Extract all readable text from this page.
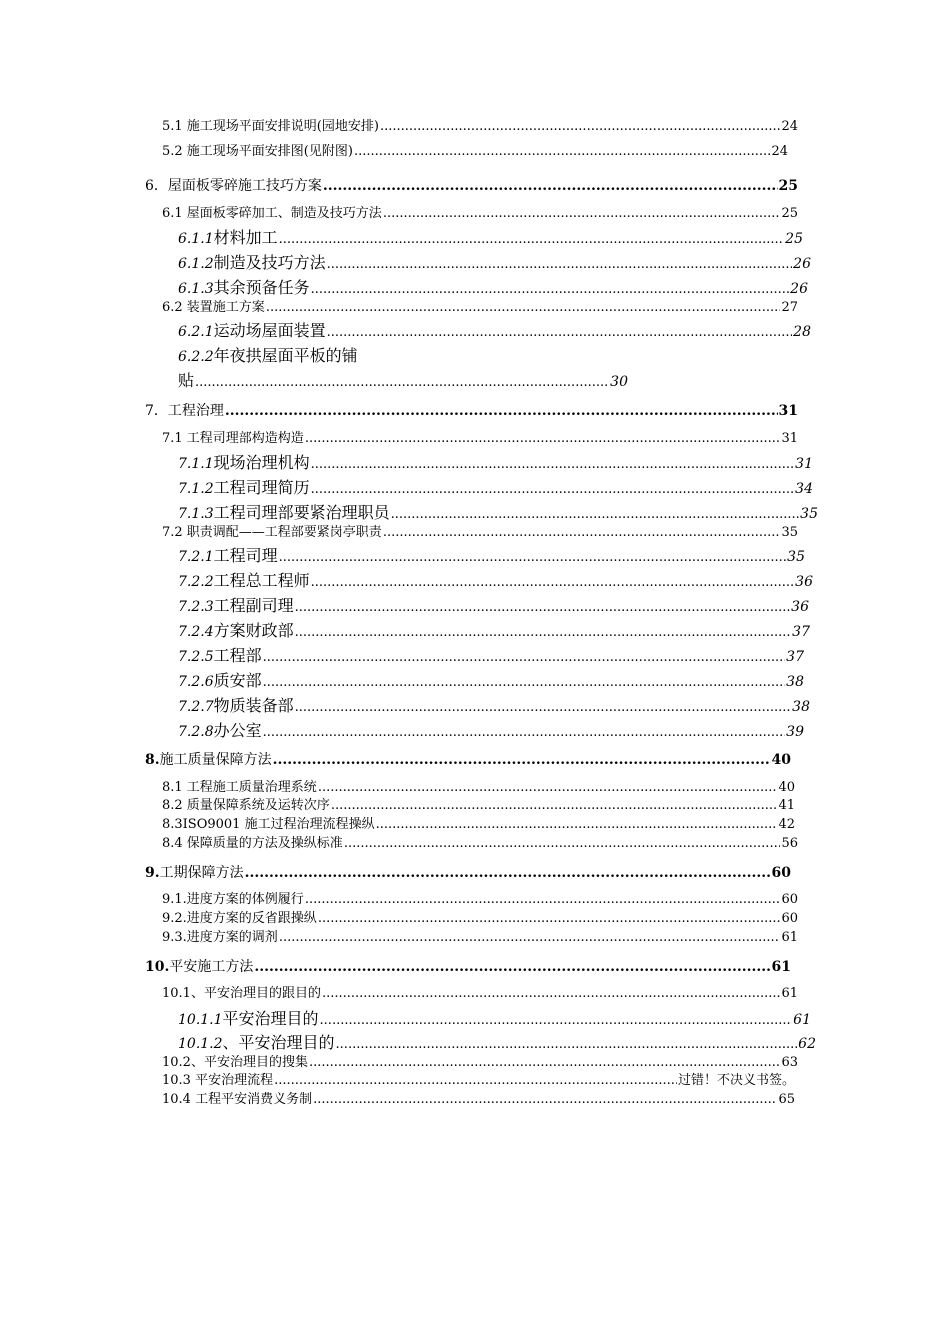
5.1 施工现场平面安排说明(园地安排) .....	24
5.2 施工现场平面安排图(见附图) .....	24
6．屋面板零碎施工技巧方案 .....	25
6.1 屋面板零碎加工、制造及技巧方法 .....	25
6.1.1材料加工 .....	25
6.1.2制造及技巧方法 .....	26
6.1.3其余预备任务 .....	26
6.2 装置施工方案 .....	27
6.2.1运动场屋面装置 .....	28
6.2.2年夜拱屋面平板的铺
贴 .....	30
7．工程治理 .....	31
7.1 工程司理部构造构造 .....	31
7.1.1现场治理机构 .....	31
7.1.2工程司理简历 .....	34
7.1.3工程司理部要紧治理职员 .....	35
7.2 职责调配——工程部要紧岗亭职责 .....	35
7.2.1工程司理 .....	35
7.2.2工程总工程师 .....	36
7.2.3工程副司理 .....	36
7.2.4方案财政部 .....	37
7.2.5工程部 .....	37
7.2.6质安部 .....	38
7.2.7物质装备部 .....	38
7.2.8办公室 .....	39
8.施工质量保障方法 .....	40
8.1 工程施工质量治理系统 .....	40
8.2 质量保障系统及运转次序 .....	41
8.3ISO9001 施工过程治理流程操纵 .....	42
8.4 保障质量的方法及操纵标准 .....	56
9.工期保障方法 .....	60
9.1.进度方案的体例履行 .....	60
9.2.进度方案的反省跟操纵 .....	60
9.3.进度方案的调剂 .....	61
10.平安施工方法 .....	61
10.1、平安治理目的跟目的 .....	61
10.1.1平安治理目的 .....	61
10.1.2、平安治理目的 .....	62
10.2、平安治理目的搜集 .....	63
10.3 平安治理流程 .....	过错！不决义书签。
10.4 工程平安消费义务制 .....	65
